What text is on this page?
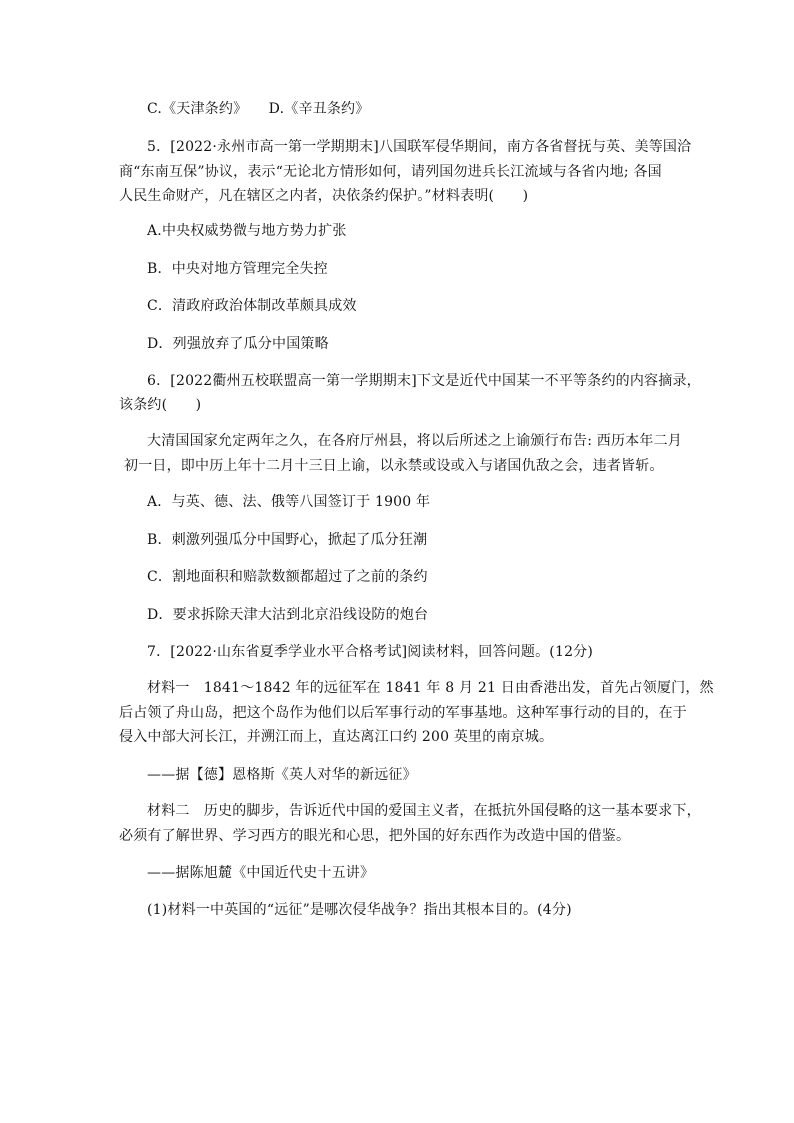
C.《天津条约》　　D.《辛丑条约》
5．[2022·永州市高一第一学期期末]八国联军侵华期间，南方各省督抚与英、美等国洽
商“东南互保”协议，表示“无论北方情形如何，请列国勿进兵长江流域与各省内地; 各国
人民生命财产，凡在辖区之内者，决依条约保护。”材料表明(　　)
A.中央权威势微与地方势力扩张
B．中央对地方管理完全失控
C．清政府政治体制改革颇具成效
D．列强放弃了瓜分中国策略
6．[2022衢州五校联盟高一第一学期期末]下文是近代中国某一不平等条约的内容摘录，
该条约(　　)
大清国国家允定两年之久，在各府厅州县，将以后所述之上谕颁行布告: 西历本年二月
初一日，即中历上年十二月十三日上谕，以永禁或设或入与诸国仇敌之会，违者皆斩。
A．与英、德、法、俄等八国签订于 1900 年
B．刺激列强瓜分中国野心，掀起了瓜分狂潮
C．割地面积和赔款数额都超过了之前的条约
D．要求拆除天津大沽到北京沿线设防的炮台
7．[2022·山东省夏季学业水平合格考试]阅读材料，回答问题。(12分)
材料一　1841～1842 年的远征军在 1841 年 8 月 21 日由香港出发，首先占领厦门，然
后占领了舟山岛，把这个岛作为他们以后军事行动的军事基地。这种军事行动的目的，在于
侵入中部大河长江，并溯江而上，直达离江口约 200 英里的南京城。
——据【德】恩格斯《英人对华的新远征》
材料二　历史的脚步，告诉近代中国的爱国主义者，在抵抗外国侵略的这一基本要求下，
必须有了解世界、学习西方的眼光和心思，把外国的好东西作为改造中国的借鉴。
——据陈旭麓《中国近代史十五讲》
(1)材料一中英国的“远征”是哪次侵华战争？指出其根本目的。(4分)
